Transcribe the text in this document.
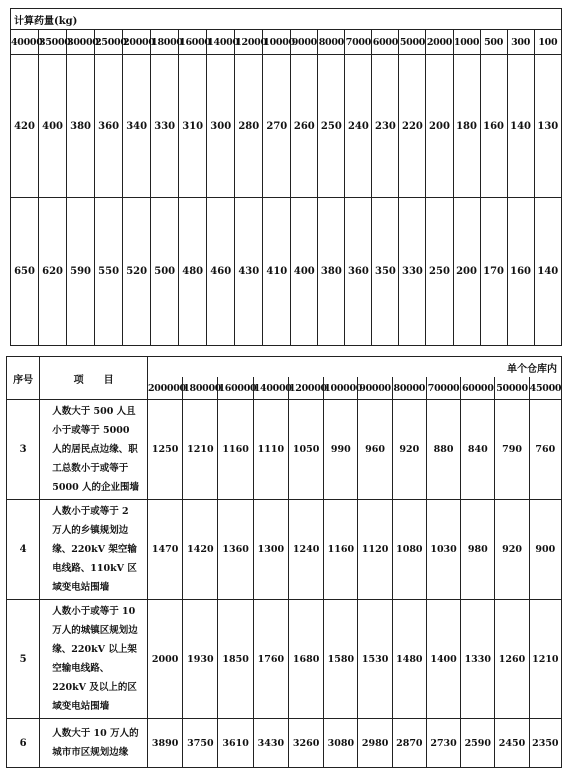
计算药量(kg)																			
40000	35000	30000	25000	20000	18000	16000	14000	12000	10000	9000	8000	7000	6000	5000	2000	1000	500	300	100
420	400	380	360	340	330	310	300	280	270	260	250	240	230	220	200	180	160	140	130
650	620	590	550	520	500	480	460	430	410	400	380	360	350	330	250	200	170	160	140
序号	项　　目	单个仓库内											
		200000	180000	160000	140000	120000	100000	90000	80000	70000	60000	50000	45000
3	人数大于 500 人且小于或等于 5000 人的居民点边缘、职工总数小于或等于 5000 人的企业围墙	1250	1210	1160	1110	1050	990	960	920	880	840	790	760
4	人数小于或等于 2 万人的乡镇规划边缘、220kV 架空输电线路、110kV 区域变电站围墙	1470	1420	1360	1300	1240	1160	1120	1080	1030	980	920	900
5	人数小于或等于 10 万人的城镇区规划边缘、220kV 以上架空输电线路、220kV 及以上的区域变电站围墙	2000	1930	1850	1760	1680	1580	1530	1480	1400	1330	1260	1210
6	人数大于 10 万人的城市市区规划边缘	3890	3750	3610	3430	3260	3080	2980	2870	2730	2590	2450	2350
